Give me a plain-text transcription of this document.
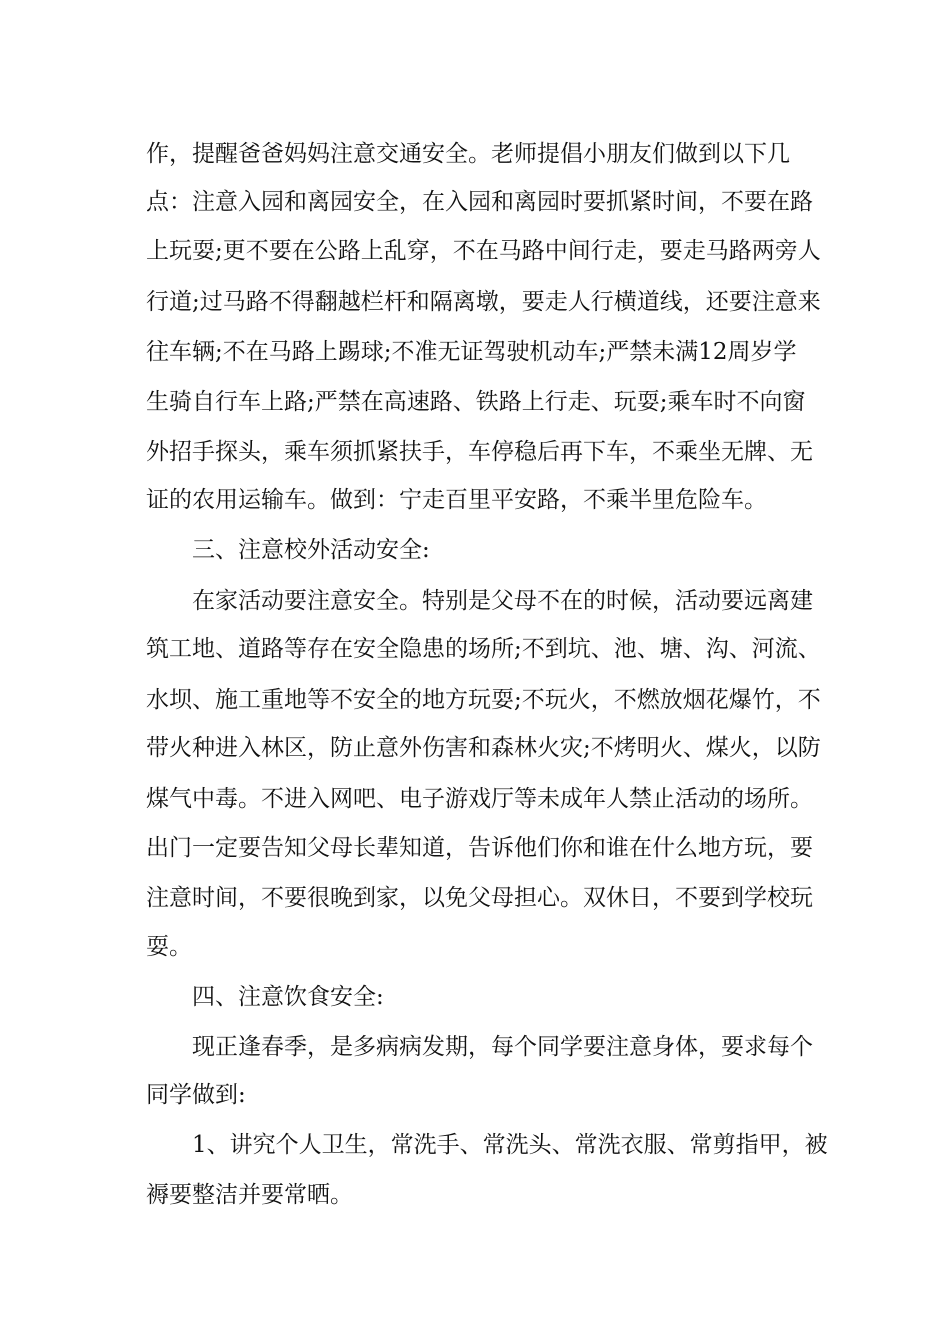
作，提醒爸爸妈妈注意交通安全。老师提倡小朋友们做到以下几
点：注意入园和离园安全，在入园和离园时要抓紧时间，不要在路
上玩耍;更不要在公路上乱穿，不在马路中间行走，要走马路两旁人
行道;过马路不得翻越栏杆和隔离墩，要走人行横道线，还要注意来
往车辆;不在马路上踢球;不准无证驾驶机动车;严禁未满12周岁学
生骑自行车上路;严禁在高速路、铁路上行走、玩耍;乘车时不向窗
外招手探头，乘车须抓紧扶手，车停稳后再下车，不乘坐无牌、无
证的农用运输车。做到：宁走百里平安路，不乘半里危险车。
三、注意校外活动安全:
在家活动要注意安全。特别是父母不在的时候，活动要远离建
筑工地、道路等存在安全隐患的场所;不到坑、池、塘、沟、河流、
水坝、施工重地等不安全的地方玩耍;不玩火，不燃放烟花爆竹，不
带火种进入林区，防止意外伤害和森林火灾;不烤明火、煤火，以防
煤气中毒。不进入网吧、电子游戏厅等未成年人禁止活动的场所。
出门一定要告知父母长辈知道，告诉他们你和谁在什么地方玩，要
注意时间，不要很晚到家，以免父母担心。双休日，不要到学校玩
耍。
四、注意饮食安全:
现正逢春季，是多病病发期，每个同学要注意身体，要求每个
同学做到:
1、讲究个人卫生，常洗手、常洗头、常洗衣服、常剪指甲，被
褥要整洁并要常晒。
